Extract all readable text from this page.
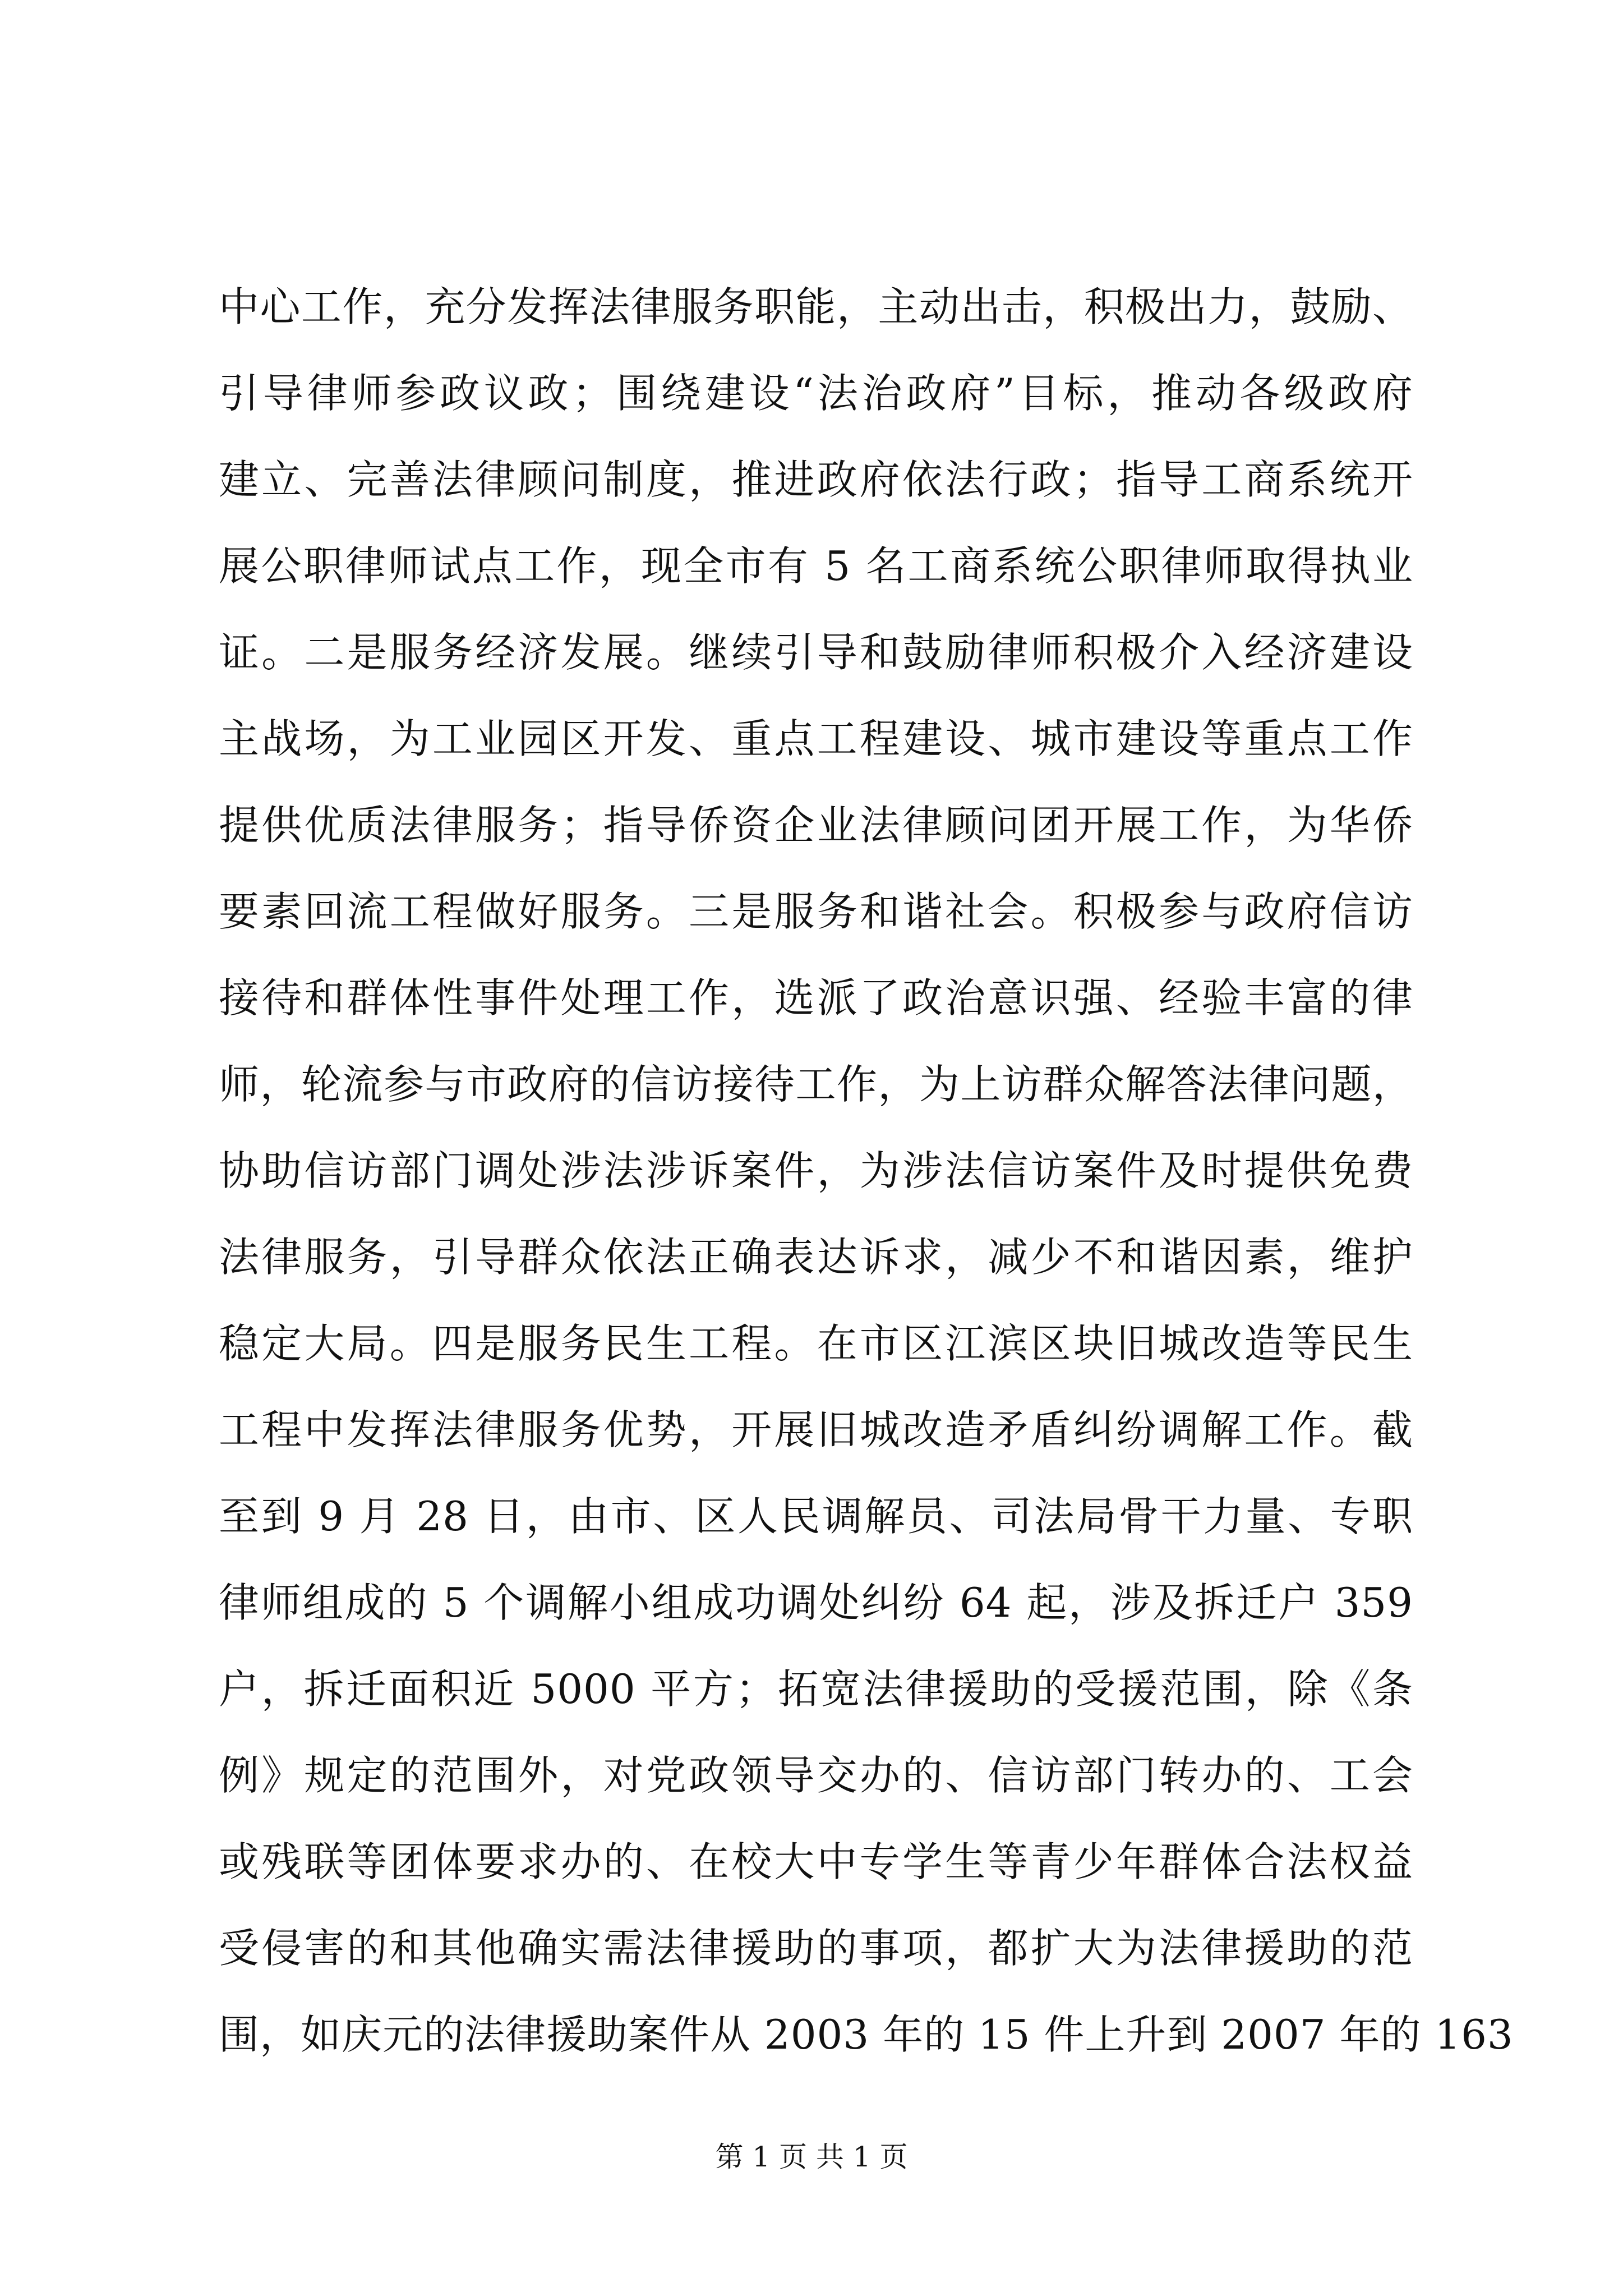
中心工作，充分发挥法律服务职能，主动出击，积极出力，鼓励、
引导律师参政议政；围绕建设“法治政府”目标，推动各级政府
建立、完善法律顾问制度，推进政府依法行政；指导工商系统开
展公职律师试点工作，现全市有 5 名工商系统公职律师取得执业
证。二是服务经济发展。继续引导和鼓励律师积极介入经济建设
主战场，为工业园区开发、重点工程建设、城市建设等重点工作
提供优质法律服务；指导侨资企业法律顾问团开展工作，为华侨
要素回流工程做好服务。三是服务和谐社会。积极参与政府信访
接待和群体性事件处理工作，选派了政治意识强、经验丰富的律
师，轮流参与市政府的信访接待工作，为上访群众解答法律问题，
协助信访部门调处涉法涉诉案件，为涉法信访案件及时提供免费
法律服务，引导群众依法正确表达诉求，减少不和谐因素，维护
稳定大局。四是服务民生工程。在市区江滨区块旧城改造等民生
工程中发挥法律服务优势，开展旧城改造矛盾纠纷调解工作。截
至到 9 月 28 日，由市、区人民调解员、司法局骨干力量、专职
律师组成的 5 个调解小组成功调处纠纷 64 起，涉及拆迁户 359
户，拆迁面积近 5000 平方；拓宽法律援助的受援范围，除《条
例》规定的范围外，对党政领导交办的、信访部门转办的、工会
或残联等团体要求办的、在校大中专学生等青少年群体合法权益
受侵害的和其他确实需法律援助的事项，都扩大为法律援助的范
围，如庆元的法律援助案件从 2003 年的 15 件上升到 2007 年的 163
第 1 页 共 1 页
